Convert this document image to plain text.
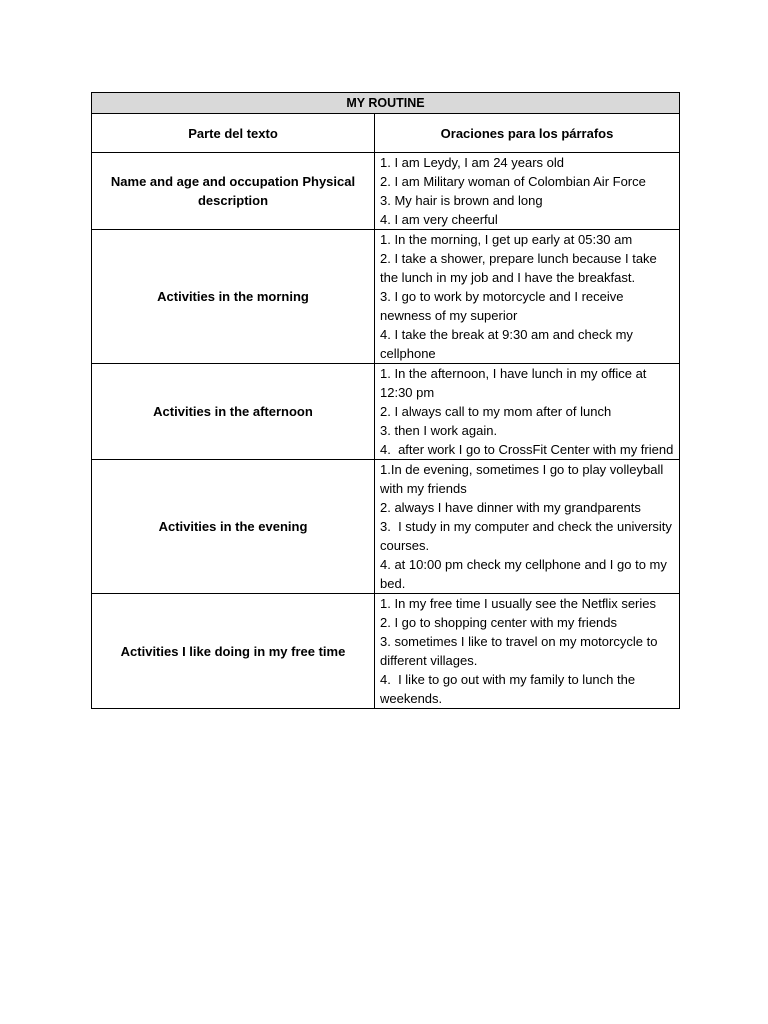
MY ROUTINE	
Parte del texto	Oraciones para los párrafos
Name and age and occupation Physical description	1. I am Leydy, I am 24 years old
2. I am Military woman of Colombian Air Force
3. My hair is brown and long
4. I am very cheerful

Activities in the morning	1. In the morning, I get up early at 05:30 am
2. I take a shower, prepare lunch because I take the lunch in my job and I have the breakfast.
3. I go to work by motorcycle and I receive newness of my superior
4. I take the break at 9:30 am and check my cellphone

Activities in the afternoon	1. In the afternoon, I have lunch in my office at 12:30 pm
2. I always call to my mom after of lunch
3. then I work again.
4.  after work I go to CrossFit Center with my friend

Activities in the evening	1.In de evening, sometimes I go to play volleyball with my friends
2. always I have dinner with my grandparents
3.  I study in my computer and check the university courses.
4. at 10:00 pm check my cellphone and I go to my bed.

Activities I like doing in my free time	1. In my free time I usually see the Netflix series
2. I go to shopping center with my friends
3. sometimes I like to travel on my motorcycle to different villages.
4.  I like to go out with my family to lunch the weekends.
